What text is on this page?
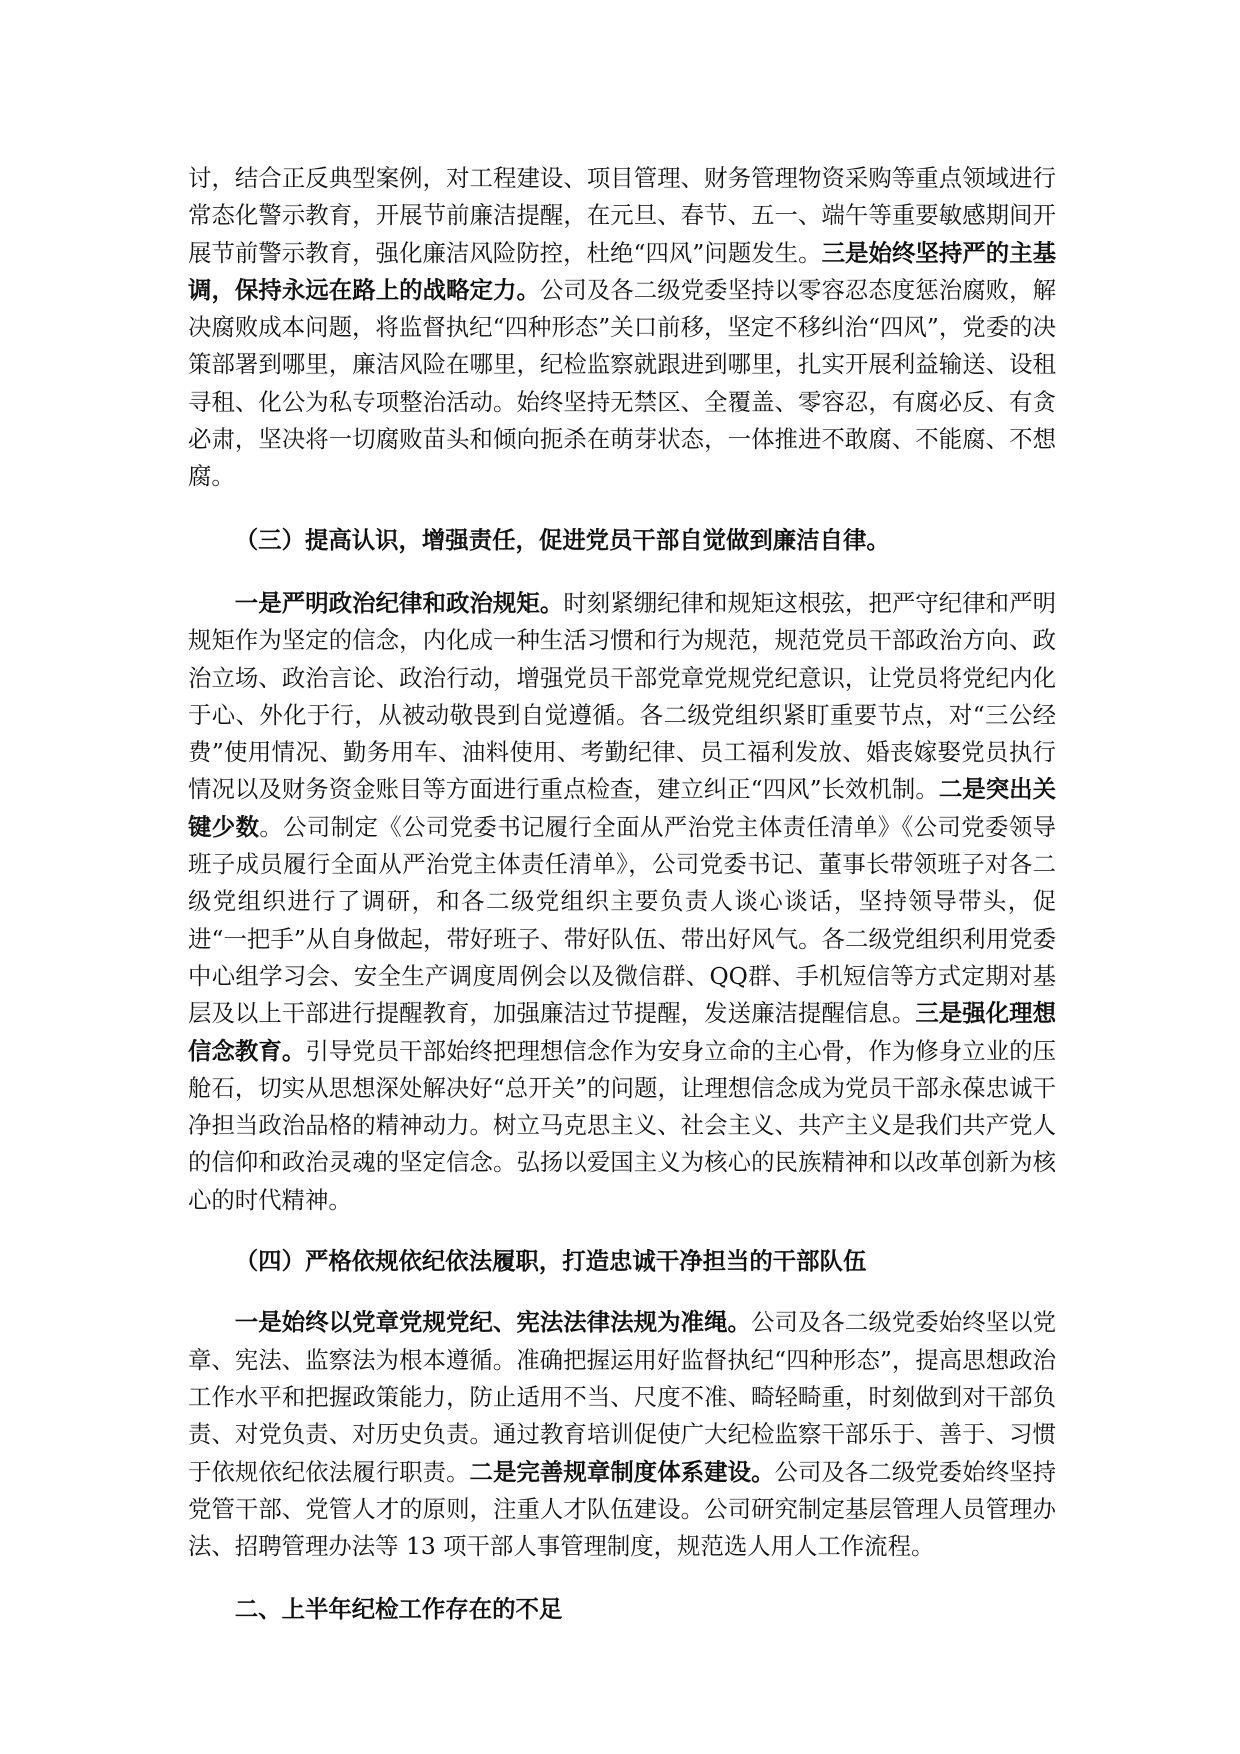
讨，结合正反典型案例，对工程建设、项目管理、财务管理物资采购等重点领域进行常态化警示教育，开展节前廉洁提醒，在元旦、春节、五一、端午等重要敏感期间开展节前警示教育，强化廉洁风险防控，杜绝“四风”问题发生。三是始终坚持严的主基调，保持永远在路上的战略定力。公司及各二级党委坚持以零容忍态度惩治腐败，解决腐败成本问题，将监督执纪“四种形态”关口前移，坚定不移纠治“四风”，党委的决策部署到哪里，廉洁风险在哪里，纪检监察就跟进到哪里，扎实开展利益输送、设租寻租、化公为私专项整治活动。始终坚持无禁区、全覆盖、零容忍，有腐必反、有贪必肃，坚决将一切腐败苗头和倾向扼杀在萌芽状态，一体推进不敢腐、不能腐、不想腐。

（三）提高认识，增强责任，促进党员干部自觉做到廉洁自律。

一是严明政治纪律和政治规矩。时刻紧绷纪律和规矩这根弦，把严守纪律和严明规矩作为坚定的信念，内化成一种生活习惯和行为规范，规范党员干部政治方向、政治立场、政治言论、政治行动，增强党员干部党章党规党纪意识，让党员将党纪内化于心、外化于行，从被动敬畏到自觉遵循。各二级党组织紧盯重要节点，对“三公经费”使用情况、勤务用车、油料使用、考勤纪律、员工福利发放、婚丧嫁娶党员执行情况以及财务资金账目等方面进行重点检查，建立纠正“四风”长效机制。二是突出关键少数。公司制定《公司党委书记履行全面从严治党主体责任清单》《公司党委领导班子成员履行全面从严治党主体责任清单》，公司党委书记、董事长带领班子对各二级党组织进行了调研，和各二级党组织主要负责人谈心谈话，坚持领导带头，促进“一把手”从自身做起，带好班子、带好队伍、带出好风气。各二级党组织利用党委中心组学习会、安全生产调度周例会以及微信群、QQ群、手机短信等方式定期对基层及以上干部进行提醒教育，加强廉洁过节提醒，发送廉洁提醒信息。三是强化理想信念教育。引导党员干部始终把理想信念作为安身立命的主心骨，作为修身立业的压舱石，切实从思想深处解决好“总开关”的问题，让理想信念成为党员干部永葆忠诚干净担当政治品格的精神动力。树立马克思主义、社会主义、共产主义是我们共产党人的信仰和政治灵魂的坚定信念。弘扬以爱国主义为核心的民族精神和以改革创新为核心的时代精神。

（四）严格依规依纪依法履职，打造忠诚干净担当的干部队伍

一是始终以党章党规党纪、宪法法律法规为准绳。公司及各二级党委始终坚以党章、宪法、监察法为根本遵循。准确把握运用好监督执纪“四种形态”，提高思想政治工作水平和把握政策能力，防止适用不当、尺度不准、畸轻畸重，时刻做到对干部负责、对党负责、对历史负责。通过教育培训促使广大纪检监察干部乐于、善于、习惯于依规依纪依法履行职责。二是完善规章制度体系建设。公司及各二级党委始终坚持党管干部、党管人才的原则，注重人才队伍建设。公司研究制定基层管理人员管理办法、招聘管理办法等 13 项干部人事管理制度，规范选人用人工作流程。

二、上半年纪检工作存在的不足
